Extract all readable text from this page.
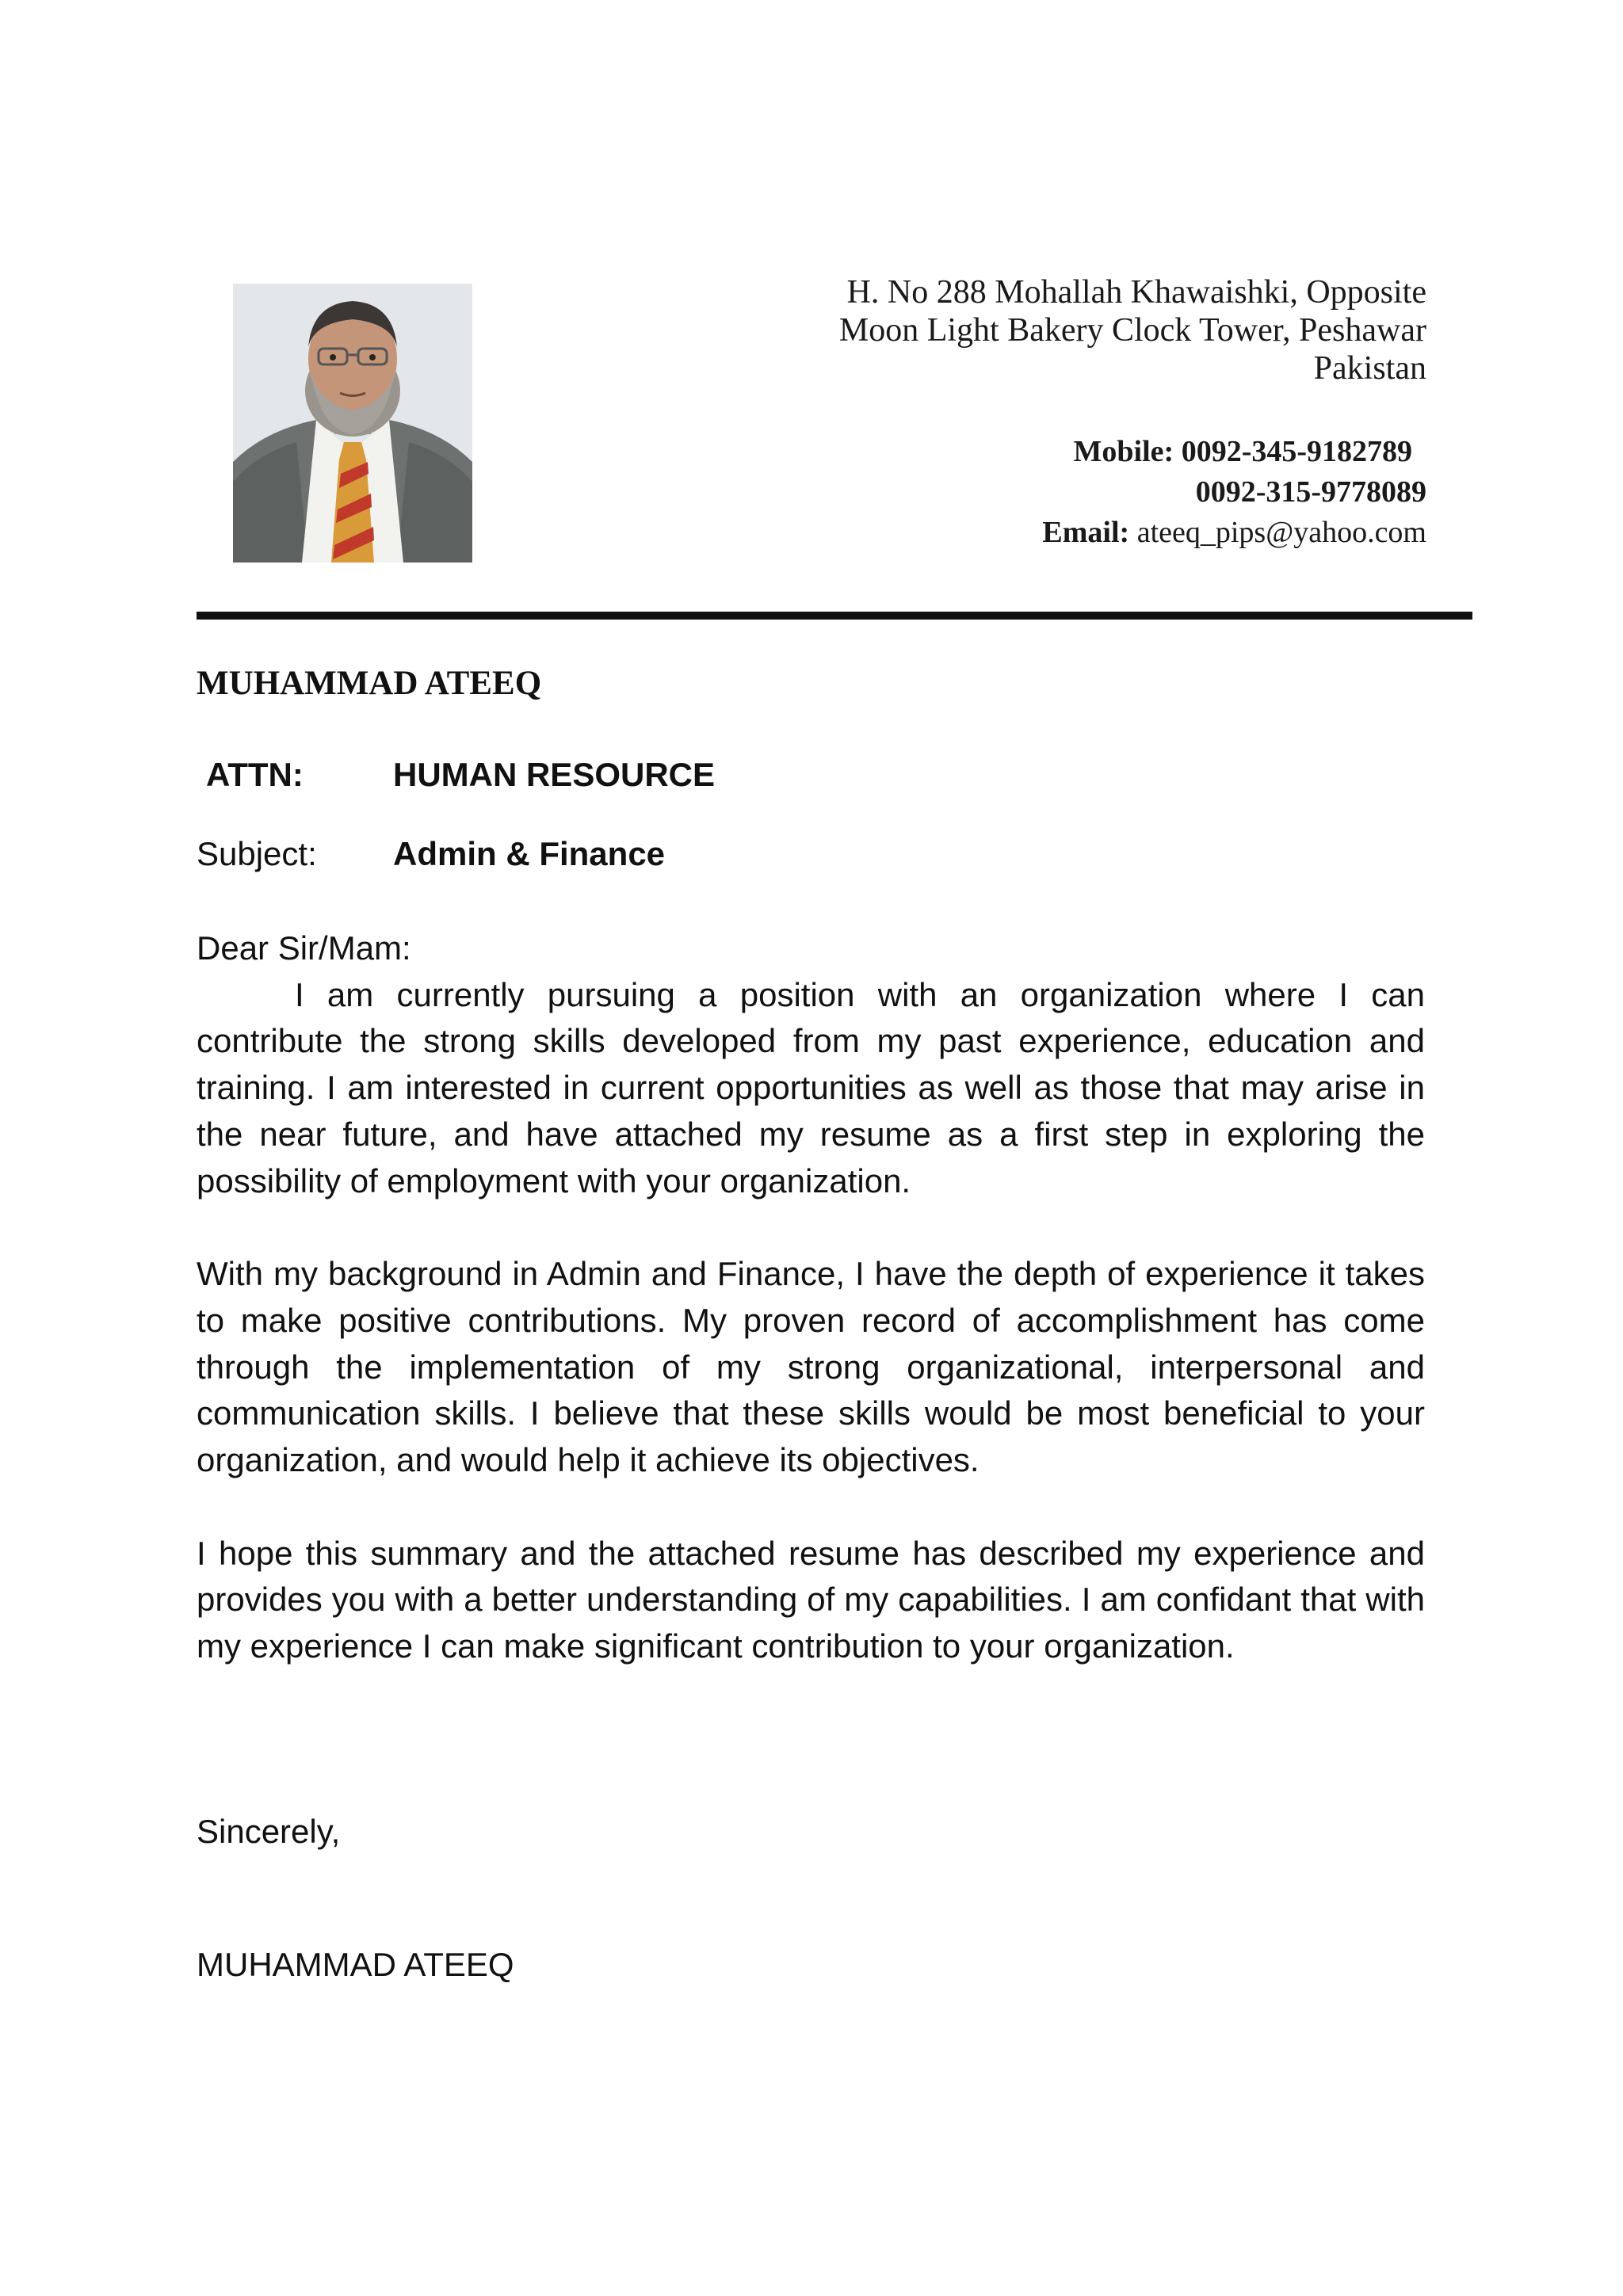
H. No 288 Mohallah Khawaishki, Opposite
Moon Light Bakery Clock Tower, Peshawar
Pakistan
Mobile: 0092-345-9182789
0092-315-9778089
Email: ateeq_pips@yahoo.com
MUHAMMAD ATEEQ
ATTN:	HUMAN RESOURCE
Subject: Admin & Finance

Dear Sir/Mam:

I am currently pursuing a position with an organization where I can contribute the strong skills developed from my past experience, education and training. I am interested in current opportunities as well as those that may arise in the near future, and have attached my resume as a first step in exploring the possibility of employment with your organization.

With my background in Admin and Finance, I have the depth of experience it takes to make positive contributions. My proven record of accomplishment has come through the implementation of my strong organizational, interpersonal and communication skills. I believe that these skills would be most beneficial to your organization, and would help it achieve its objectives.

I hope this summary and the attached resume has described my experience and provides you with a better understanding of my capabilities. I am confidant that with my experience I can make significant contribution to your organization.

Sincerely,
MUHAMMAD ATEEQ
